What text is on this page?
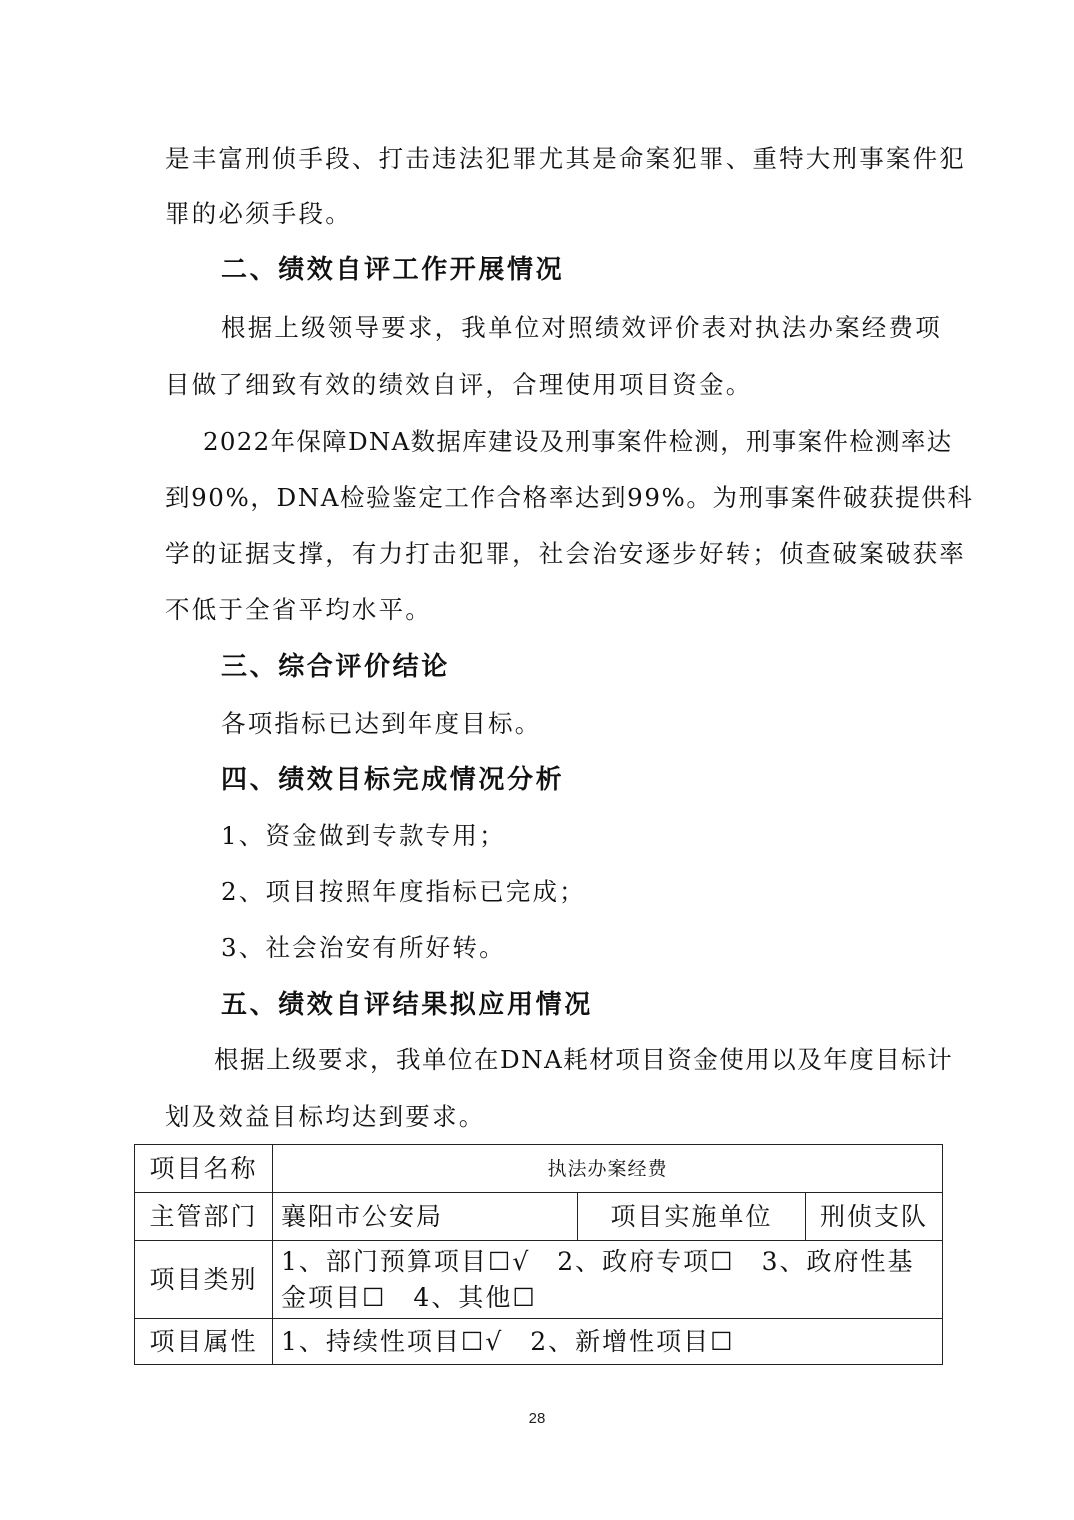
是丰富刑侦手段、打击违法犯罪尤其是命案犯罪、重特大刑事案件犯
罪的必须手段。
二、绩效自评工作开展情况
根据上级领导要求，我单位对照绩效评价表对执法办案经费项
目做了细致有效的绩效自评，合理使用项目资金。
2022年保障DNA数据库建设及刑事案件检测，刑事案件检测率达
到90%，DNA检验鉴定工作合格率达到99%。为刑事案件破获提供科
学的证据支撑，有力打击犯罪，社会治安逐步好转；侦查破案破获率
不低于全省平均水平。
三、综合评价结论
各项指标已达到年度目标。
四、绩效目标完成情况分析
1、资金做到专款专用；
2、项目按照年度指标已完成；
3、社会治安有所好转。
五、绩效自评结果拟应用情况
根据上级要求，我单位在DNA耗材项目资金使用以及年度目标计
划及效益目标均达到要求。
项目名称	执法办案经费		
主管部门	襄阳市公安局	项目实施单位	刑侦支队
项目类别	1、部门预算项目☐√　2、政府专项☐　3、政府性基金项目☐　4、其他☐		
项目属性	1、持续性项目☐√　2、新增性项目☐		
28
